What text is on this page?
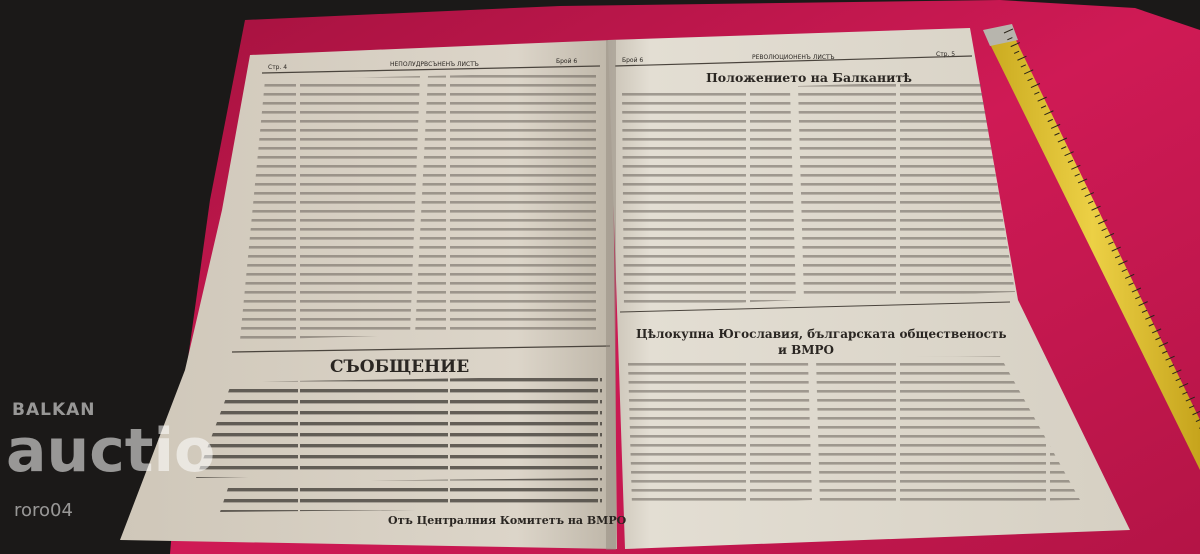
Стр. 4	НЕПОЛУДРВСЪНЕНЪ ЛИСТЪ	Брой 6
СЪОБЩЕНИЕ
Отъ Централния Комитетъ на ВМРО
Брой 6	РЕВОЛЮЦИОНЕНЪ ЛИСТЪ	Стр. 5
Положението на Балканитѣ
Цѣлокупна Югославия, българската общественость
и ВМРО
BALKAN
auctio
roro04
